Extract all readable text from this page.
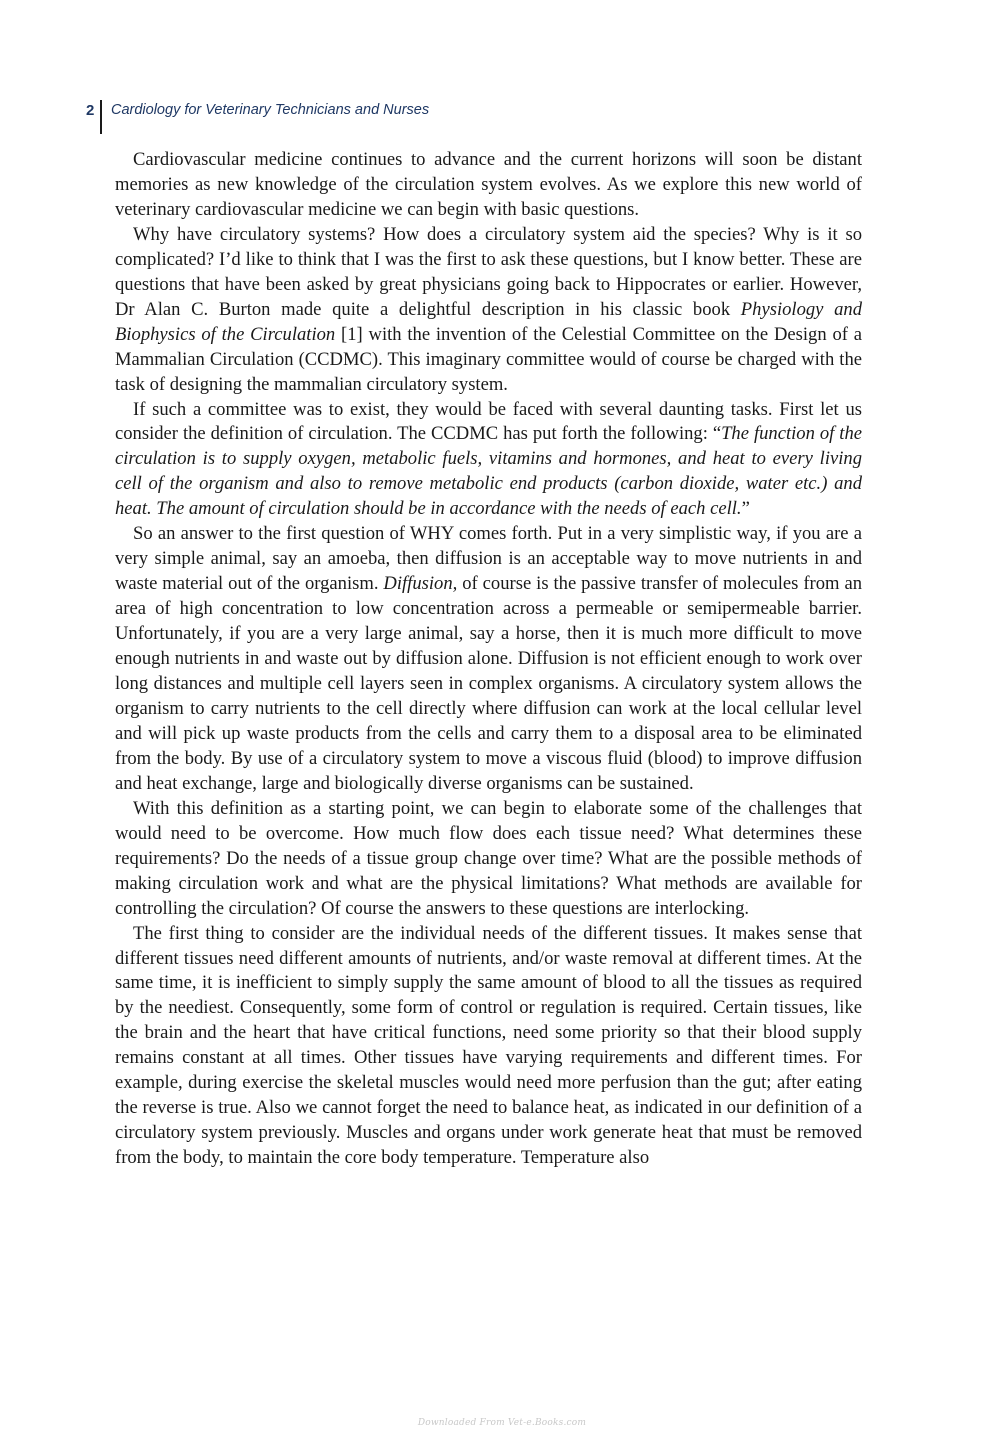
2 Cardiology for Veterinary Technicians and Nurses

Cardiovascular medicine continues to advance and the current horizons will soon be distant memories as new knowledge of the circulation system evolves. As we explore this new world of veterinary cardiovascular medicine we can begin with basic questions.

Why have circulatory systems? How does a circulatory system aid the species? Why is it so complicated? I’d like to think that I was the first to ask these questions, but I know better. These are questions that have been asked by great physicians going back to Hippocrates or earlier. However, Dr Alan C. Burton made quite a delightful description in his classic book Physiology and Biophysics of the Circulation [1] with the invention of the Celestial Committee on the Design of a Mammalian Circulation (CCDMC). This imaginary committee would of course be charged with the task of designing the mammalian circulatory system.

If such a committee was to exist, they would be faced with several daunting tasks. First let us consider the definition of circulation. The CCDMC has put forth the following: “The function of the circulation is to supply oxygen, metabolic fuels, vitamins and hormones, and heat to every living cell of the organism and also to remove metabolic end products (carbon dioxide, water etc.) and heat. The amount of circulation should be in accordance with the needs of each cell.”

So an answer to the first question of WHY comes forth. Put in a very simplistic way, if you are a very simple animal, say an amoeba, then diffusion is an acceptable way to move nutrients in and waste material out of the organism. Diffusion, of course is the passive transfer of molecules from an area of high concentration to low concentration across a permeable or semipermeable barrier. Unfortunately, if you are a very large animal, say a horse, then it is much more difficult to move enough nutrients in and waste out by diffusion alone. Diffusion is not efficient enough to work over long distances and multiple cell layers seen in complex organisms. A circulatory system allows the organism to carry nutrients to the cell directly where diffusion can work at the local cellular level and will pick up waste products from the cells and carry them to a disposal area to be eliminated from the body. By use of a circulatory system to move a viscous fluid (blood) to improve diffusion and heat exchange, large and biologically diverse organisms can be sustained.

With this definition as a starting point, we can begin to elaborate some of the challenges that would need to be overcome. How much flow does each tissue need? What determines these requirements? Do the needs of a tissue group change over time? What are the possible methods of making circulation work and what are the physical limitations? What methods are available for controlling the circulation? Of course the answers to these questions are interlocking.

The first thing to consider are the individual needs of the different tissues. It makes sense that different tissues need different amounts of nutrients, and/or waste removal at different times. At the same time, it is inefficient to simply supply the same amount of blood to all the tissues as required by the neediest. Consequently, some form of control or regulation is required. Certain tissues, like the brain and the heart that have critical functions, need some priority so that their blood supply remains constant at all times. Other tissues have varying requirements and different times. For example, during exercise the skeletal muscles would need more perfusion than the gut; after eating the reverse is true. Also we cannot forget the need to balance heat, as indicated in our definition of a circulatory system previously. Muscles and organs under work generate heat that must be removed from the body, to maintain the core body temperature. Temperature also

Downloaded From Vet-e.Books.com
